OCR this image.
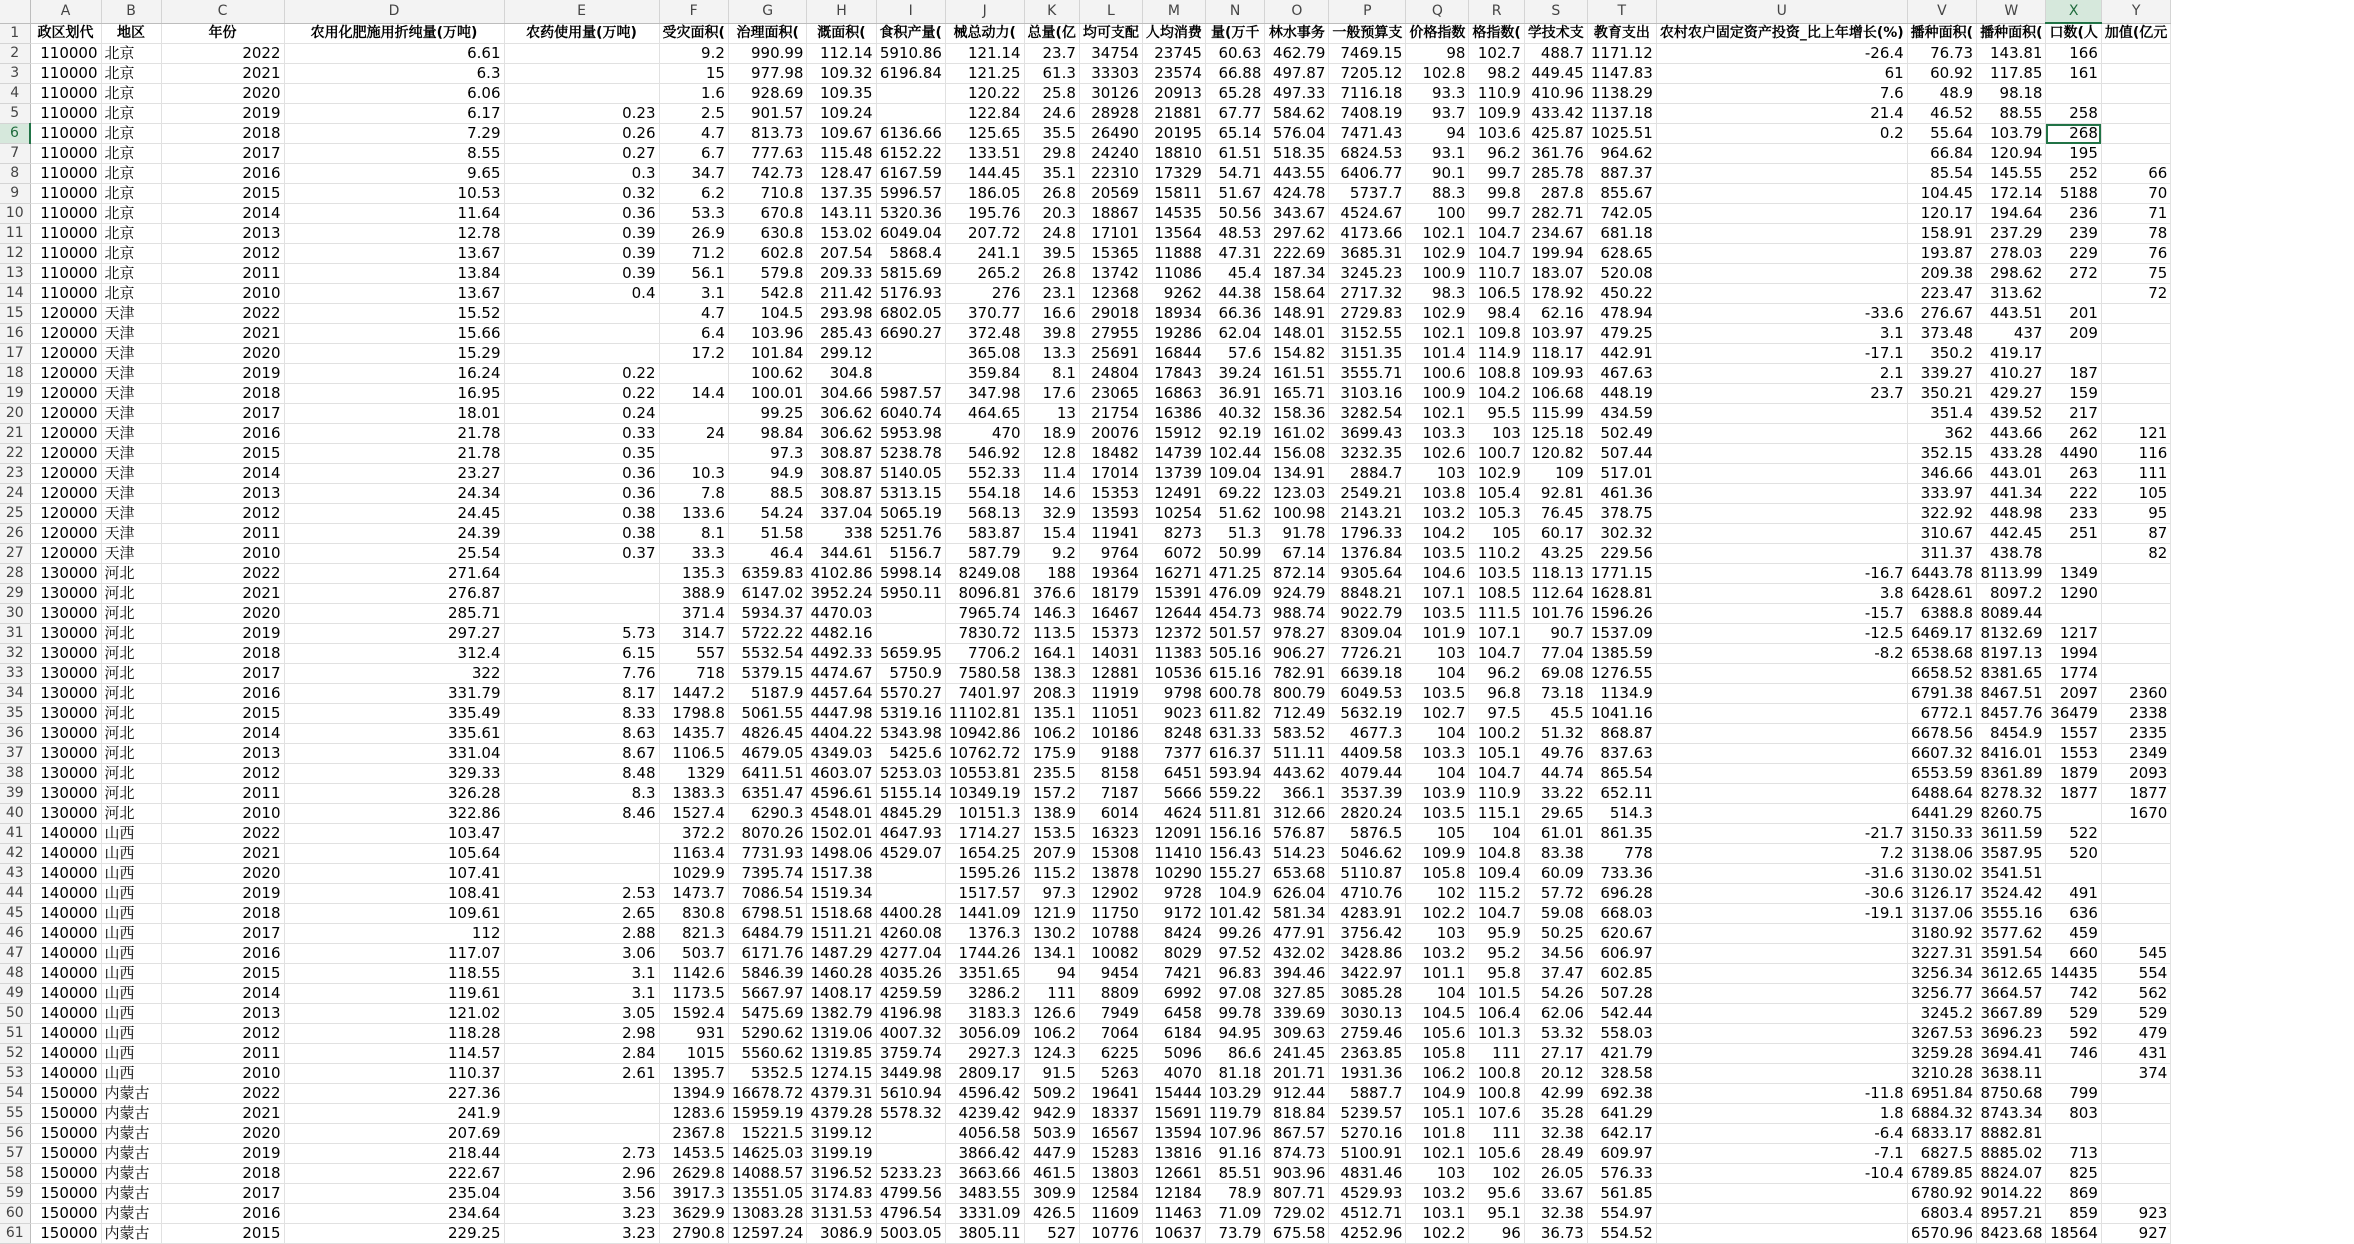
	A	B	C	D	E	F	G	H	I	J	K	L	M	N	O	P	Q	R	S	T	U	V	W	X	Y
1	政区划代	地区	年份	农用化肥施用折纯量(万吨)	农药使用量(万吨)	受灾面积(	治理面积(	溉面积(	食积产量(	械总动力(	总量(亿	均可支配	人均消费	量(万千	林水事务	一般预算支	价格指数	格指数(	学技术支	教育支出	农村农户固定资产投资_比上年增长(%)	播种面积(	播种面积(	口数(人	加值(亿元
2	110000	北京	2022	6.61		9.2	990.99	112.14	5910.86	121.14	23.7	34754	23745	60.63	462.79	7469.15	98	102.7	488.7	1171.12	-26.4	76.73	143.81	166	
3	110000	北京	2021	6.3		15	977.98	109.32	6196.84	121.25	61.3	33303	23574	66.88	497.87	7205.12	102.8	98.2	449.45	1147.83	61	60.92	117.85	161	
4	110000	北京	2020	6.06		1.6	928.69	109.35		120.22	25.8	30126	20913	65.28	497.33	7116.18	93.3	110.9	410.96	1138.29	7.6	48.9	98.18		
5	110000	北京	2019	6.17	0.23	2.5	901.57	109.24		122.84	24.6	28928	21881	67.77	584.62	7408.19	93.7	109.9	433.42	1137.18	21.4	46.52	88.55	258	
6	110000	北京	2018	7.29	0.26	4.7	813.73	109.67	6136.66	125.65	35.5	26490	20195	65.14	576.04	7471.43	94	103.6	425.87	1025.51	0.2	55.64	103.79	268	
7	110000	北京	2017	8.55	0.27	6.7	777.63	115.48	6152.22	133.51	29.8	24240	18810	61.51	518.35	6824.53	93.1	96.2	361.76	964.62		66.84	120.94	195	
8	110000	北京	2016	9.65	0.3	34.7	742.73	128.47	6167.59	144.45	35.1	22310	17329	54.71	443.55	6406.77	90.1	99.7	285.78	887.37		85.54	145.55	252	66
9	110000	北京	2015	10.53	0.32	6.2	710.8	137.35	5996.57	186.05	26.8	20569	15811	51.67	424.78	5737.7	88.3	99.8	287.8	855.67		104.45	172.14	5188	70
10	110000	北京	2014	11.64	0.36	53.3	670.8	143.11	5320.36	195.76	20.3	18867	14535	50.56	343.67	4524.67	100	99.7	282.71	742.05		120.17	194.64	236	71
11	110000	北京	2013	12.78	0.39	26.9	630.8	153.02	6049.04	207.72	24.8	17101	13564	48.53	297.62	4173.66	102.1	104.7	234.67	681.18		158.91	237.29	239	78
12	110000	北京	2012	13.67	0.39	71.2	602.8	207.54	5868.4	241.1	39.5	15365	11888	47.31	222.69	3685.31	102.9	104.7	199.94	628.65		193.87	278.03	229	76
13	110000	北京	2011	13.84	0.39	56.1	579.8	209.33	5815.69	265.2	26.8	13742	11086	45.4	187.34	3245.23	100.9	110.7	183.07	520.08		209.38	298.62	272	75
14	110000	北京	2010	13.67	0.4	3.1	542.8	211.42	5176.93	276	23.1	12368	9262	44.38	158.64	2717.32	98.3	106.5	178.92	450.22		223.47	313.62		72
15	120000	天津	2022	15.52		4.7	104.5	293.98	6802.05	370.77	16.6	29018	18934	66.36	148.91	2729.83	102.9	98.4	62.16	478.94	-33.6	276.67	443.51	201	
16	120000	天津	2021	15.66		6.4	103.96	285.43	6690.27	372.48	39.8	27955	19286	62.04	148.01	3152.55	102.1	109.8	103.97	479.25	3.1	373.48	437	209	
17	120000	天津	2020	15.29		17.2	101.84	299.12		365.08	13.3	25691	16844	57.6	154.82	3151.35	101.4	114.9	118.17	442.91	-17.1	350.2	419.17		
18	120000	天津	2019	16.24	0.22		100.62	304.8		359.84	8.1	24804	17843	39.24	161.51	3555.71	100.6	108.8	109.93	467.63	2.1	339.27	410.27	187	
19	120000	天津	2018	16.95	0.22	14.4	100.01	304.66	5987.57	347.98	17.6	23065	16863	36.91	165.71	3103.16	100.9	104.2	106.68	448.19	23.7	350.21	429.27	159	
20	120000	天津	2017	18.01	0.24		99.25	306.62	6040.74	464.65	13	21754	16386	40.32	158.36	3282.54	102.1	95.5	115.99	434.59		351.4	439.52	217	
21	120000	天津	2016	21.78	0.33	24	98.84	306.62	5953.98	470	18.9	20076	15912	92.19	161.02	3699.43	103.3	103	125.18	502.49		362	443.66	262	121
22	120000	天津	2015	21.78	0.35		97.3	308.87	5238.78	546.92	12.8	18482	14739	102.44	156.08	3232.35	102.6	100.7	120.82	507.44		352.15	433.28	4490	116
23	120000	天津	2014	23.27	0.36	10.3	94.9	308.87	5140.05	552.33	11.4	17014	13739	109.04	134.91	2884.7	103	102.9	109	517.01		346.66	443.01	263	111
24	120000	天津	2013	24.34	0.36	7.8	88.5	308.87	5313.15	554.18	14.6	15353	12491	69.22	123.03	2549.21	103.8	105.4	92.81	461.36		333.97	441.34	222	105
25	120000	天津	2012	24.45	0.38	133.6	54.24	337.04	5065.19	568.13	32.9	13593	10254	51.62	100.98	2143.21	103.2	105.3	76.45	378.75		322.92	448.98	233	95
26	120000	天津	2011	24.39	0.38	8.1	51.58	338	5251.76	583.87	15.4	11941	8273	51.3	91.78	1796.33	104.2	105	60.17	302.32		310.67	442.45	251	87
27	120000	天津	2010	25.54	0.37	33.3	46.4	344.61	5156.7	587.79	9.2	9764	6072	50.99	67.14	1376.84	103.5	110.2	43.25	229.56		311.37	438.78		82
28	130000	河北	2022	271.64		135.3	6359.83	4102.86	5998.14	8249.08	188	19364	16271	471.25	872.14	9305.64	104.6	103.5	118.13	1771.15	-16.7	6443.78	8113.99	1349	
29	130000	河北	2021	276.87		388.9	6147.02	3952.24	5950.11	8096.81	376.6	18179	15391	476.09	924.79	8848.21	107.1	108.5	112.64	1628.81	3.8	6428.61	8097.2	1290	
30	130000	河北	2020	285.71		371.4	5934.37	4470.03		7965.74	146.3	16467	12644	454.73	988.74	9022.79	103.5	111.5	101.76	1596.26	-15.7	6388.8	8089.44		
31	130000	河北	2019	297.27	5.73	314.7	5722.22	4482.16		7830.72	113.5	15373	12372	501.57	978.27	8309.04	101.9	107.1	90.7	1537.09	-12.5	6469.17	8132.69	1217	
32	130000	河北	2018	312.4	6.15	557	5532.54	4492.33	5659.95	7706.2	164.1	14031	11383	505.16	906.27	7726.21	103	104.7	77.04	1385.59	-8.2	6538.68	8197.13	1994	
33	130000	河北	2017	322	7.76	718	5379.15	4474.67	5750.9	7580.58	138.3	12881	10536	615.16	782.91	6639.18	104	96.2	69.08	1276.55		6658.52	8381.65	1774	
34	130000	河北	2016	331.79	8.17	1447.2	5187.9	4457.64	5570.27	7401.97	208.3	11919	9798	600.78	800.79	6049.53	103.5	96.8	73.18	1134.9		6791.38	8467.51	2097	2360
35	130000	河北	2015	335.49	8.33	1798.8	5061.55	4447.98	5319.16	11102.81	135.1	11051	9023	611.82	712.49	5632.19	102.7	97.5	45.5	1041.16		6772.1	8457.76	36479	2338
36	130000	河北	2014	335.61	8.63	1435.7	4826.45	4404.22	5343.98	10942.86	106.2	10186	8248	631.33	583.52	4677.3	104	100.2	51.32	868.87		6678.56	8454.9	1557	2335
37	130000	河北	2013	331.04	8.67	1106.5	4679.05	4349.03	5425.6	10762.72	175.9	9188	7377	616.37	511.11	4409.58	103.3	105.1	49.76	837.63		6607.32	8416.01	1553	2349
38	130000	河北	2012	329.33	8.48	1329	6411.51	4603.07	5253.03	10553.81	235.5	8158	6451	593.94	443.62	4079.44	104	104.7	44.74	865.54		6553.59	8361.89	1879	2093
39	130000	河北	2011	326.28	8.3	1383.3	6351.47	4596.61	5155.14	10349.19	157.2	7187	5666	559.22	366.1	3537.39	103.9	110.9	33.22	652.11		6488.64	8278.32	1877	1877
40	130000	河北	2010	322.86	8.46	1527.4	6290.3	4548.01	4845.29	10151.3	138.9	6014	4624	511.81	312.66	2820.24	103.5	115.1	29.65	514.3		6441.29	8260.75		1670
41	140000	山西	2022	103.47		372.2	8070.26	1502.01	4647.93	1714.27	153.5	16323	12091	156.16	576.87	5876.5	105	104	61.01	861.35	-21.7	3150.33	3611.59	522	
42	140000	山西	2021	105.64		1163.4	7731.93	1498.06	4529.07	1654.25	207.9	15308	11410	156.43	514.23	5046.62	109.9	104.8	83.38	778	7.2	3138.06	3587.95	520	
43	140000	山西	2020	107.41		1029.9	7395.74	1517.38		1595.26	115.2	13878	10290	155.27	653.68	5110.87	105.8	109.4	60.09	733.36	-31.6	3130.02	3541.51		
44	140000	山西	2019	108.41	2.53	1473.7	7086.54	1519.34		1517.57	97.3	12902	9728	104.9	626.04	4710.76	102	115.2	57.72	696.28	-30.6	3126.17	3524.42	491	
45	140000	山西	2018	109.61	2.65	830.8	6798.51	1518.68	4400.28	1441.09	121.9	11750	9172	101.42	581.34	4283.91	102.2	104.7	59.08	668.03	-19.1	3137.06	3555.16	636	
46	140000	山西	2017	112	2.88	821.3	6484.79	1511.21	4260.08	1376.3	130.2	10788	8424	99.26	477.91	3756.42	103	95.9	50.25	620.67		3180.92	3577.62	459	
47	140000	山西	2016	117.07	3.06	503.7	6171.76	1487.29	4277.04	1744.26	134.1	10082	8029	97.52	432.02	3428.86	103.2	95.2	34.56	606.97		3227.31	3591.54	660	545
48	140000	山西	2015	118.55	3.1	1142.6	5846.39	1460.28	4035.26	3351.65	94	9454	7421	96.83	394.46	3422.97	101.1	95.8	37.47	602.85		3256.34	3612.65	14435	554
49	140000	山西	2014	119.61	3.1	1173.5	5667.97	1408.17	4259.59	3286.2	111	8809	6992	97.08	327.85	3085.28	104	101.5	54.26	507.28		3256.77	3664.57	742	562
50	140000	山西	2013	121.02	3.05	1592.4	5475.69	1382.79	4196.98	3183.3	126.6	7949	6458	99.78	339.69	3030.13	104.5	106.4	62.06	542.44		3245.2	3667.89	529	529
51	140000	山西	2012	118.28	2.98	931	5290.62	1319.06	4007.32	3056.09	106.2	7064	6184	94.95	309.63	2759.46	105.6	101.3	53.32	558.03		3267.53	3696.23	592	479
52	140000	山西	2011	114.57	2.84	1015	5560.62	1319.85	3759.74	2927.3	124.3	6225	5096	86.6	241.45	2363.85	105.8	111	27.17	421.79		3259.28	3694.41	746	431
53	140000	山西	2010	110.37	2.61	1395.7	5352.5	1274.15	3449.98	2809.17	91.5	5263	4070	81.18	201.71	1931.36	106.2	100.8	20.12	328.58		3210.28	3638.11		374
54	150000	内蒙古	2022	227.36		1394.9	16678.72	4379.31	5610.94	4596.42	509.2	19641	15444	103.29	912.44	5887.7	104.9	100.8	42.99	692.38	-11.8	6951.84	8750.68	799	
55	150000	内蒙古	2021	241.9		1283.6	15959.19	4379.28	5578.32	4239.42	942.9	18337	15691	119.79	818.84	5239.57	105.1	107.6	35.28	641.29	1.8	6884.32	8743.34	803	
56	150000	内蒙古	2020	207.69		2367.8	15221.5	3199.12		4056.58	503.9	16567	13594	107.96	867.57	5270.16	101.8	111	32.38	642.17	-6.4	6833.17	8882.81		
57	150000	内蒙古	2019	218.44	2.73	1453.5	14625.03	3199.19		3866.42	447.9	15283	13816	91.16	874.73	5100.91	102.1	105.6	28.49	609.97	-7.1	6827.5	8885.02	713	
58	150000	内蒙古	2018	222.67	2.96	2629.8	14088.57	3196.52	5233.23	3663.66	461.5	13803	12661	85.51	903.96	4831.46	103	102	26.05	576.33	-10.4	6789.85	8824.07	825	
59	150000	内蒙古	2017	235.04	3.56	3917.3	13551.05	3174.83	4799.56	3483.55	309.9	12584	12184	78.9	807.71	4529.93	103.2	95.6	33.67	561.85		6780.92	9014.22	869	
60	150000	内蒙古	2016	234.64	3.23	3629.9	13083.28	3131.53	4796.54	3331.09	426.5	11609	11463	71.09	729.02	4512.71	103.1	95.1	32.38	554.97		6803.4	8957.21	859	923
61	150000	内蒙古	2015	229.25	3.23	2790.8	12597.24	3086.9	5003.05	3805.11	527	10776	10637	73.79	675.58	4252.96	102.2	96	36.73	554.52		6570.96	8423.68	18564	927
